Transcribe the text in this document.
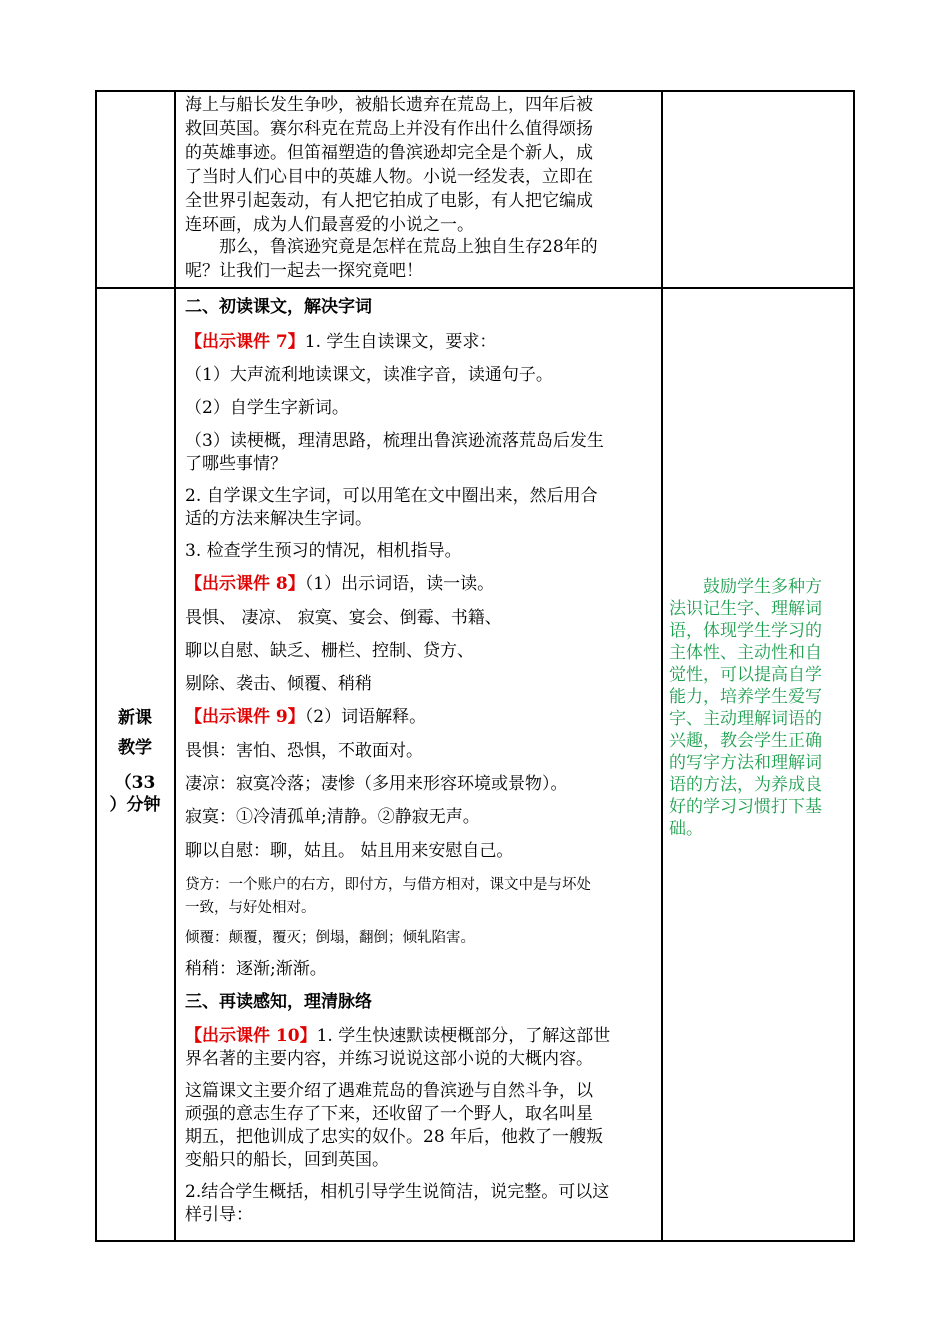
海上与船长发生争吵，被船长遗弃在荒岛上，四年后被

救回英国。赛尔科克在荒岛上并没有作出什么值得颂扬

的英雄事迹。但笛福塑造的鲁滨逊却完全是个新人，成

了当时人们心目中的英雄人物。小说一经发表，立即在

全世界引起轰动，有人把它拍成了电影，有人把它编成

连环画，成为人们最喜爱的小说之一。

那么，鲁滨逊究竟是怎样在荒岛上独自生存28年的

呢？让我们一起去一探究竟吧！

新课
教学
（33
）分钟

二、初读课文，解决字词

【出示课件 7】1. 学生自读课文，要求：

（1）大声流利地读课文，读准字音，读通句子。

（2）自学生字新词。

（3）读梗概，理清思路，梳理出鲁滨逊流落荒岛后发生

了哪些事情？

2. 自学课文生字词，可以用笔在文中圈出来，然后用合

适的方法来解决生字词。

3. 检查学生预习的情况，相机指导。

【出示课件 8】（1）出示词语，读一读。

畏惧、 凄凉、 寂寞、宴会、倒霉、书籍、

聊以自慰、缺乏、栅栏、控制、贷方、

剔除、袭击、倾覆、稍稍

【出示课件 9】（2）词语解释。

畏惧：害怕、恐惧，不敢面对。

凄凉：寂寞冷落；凄惨（多用来形容环境或景物）。

寂寞：①冷清孤单;清静。②静寂无声。

聊以自慰：聊，姑且。 姑且用来安慰自己。

贷方：一个账户的右方，即付方，与借方相对，课文中是与坏处

一致，与好处相对。

倾覆：颠覆，覆灭；倒塌，翻倒；倾轧陷害。

稍稍：逐渐;渐渐。

三、再读感知，理清脉络

【出示课件 10】1. 学生快速默读梗概部分，了解这部世

界名著的主要内容，并练习说说这部小说的大概内容。

这篇课文主要介绍了遇难荒岛的鲁滨逊与自然斗争，以

顽强的意志生存了下来，还收留了一个野人，取名叫星

期五，把他训成了忠实的奴仆。28 年后，他救了一艘叛

变船只的船长，回到英国。

2.结合学生概括，相机引导学生说简洁，说完整。可以这

样引导：

　　鼓励学生多种方
法识记生字、理解词
语，体现学生学习的
主体性、主动性和自
觉性，可以提高自学
能力，培养学生爱写
字、主动理解词语的
兴趣，教会学生正确
的写字方法和理解词
语的方法，为养成良
好的学习习惯打下基
础。
